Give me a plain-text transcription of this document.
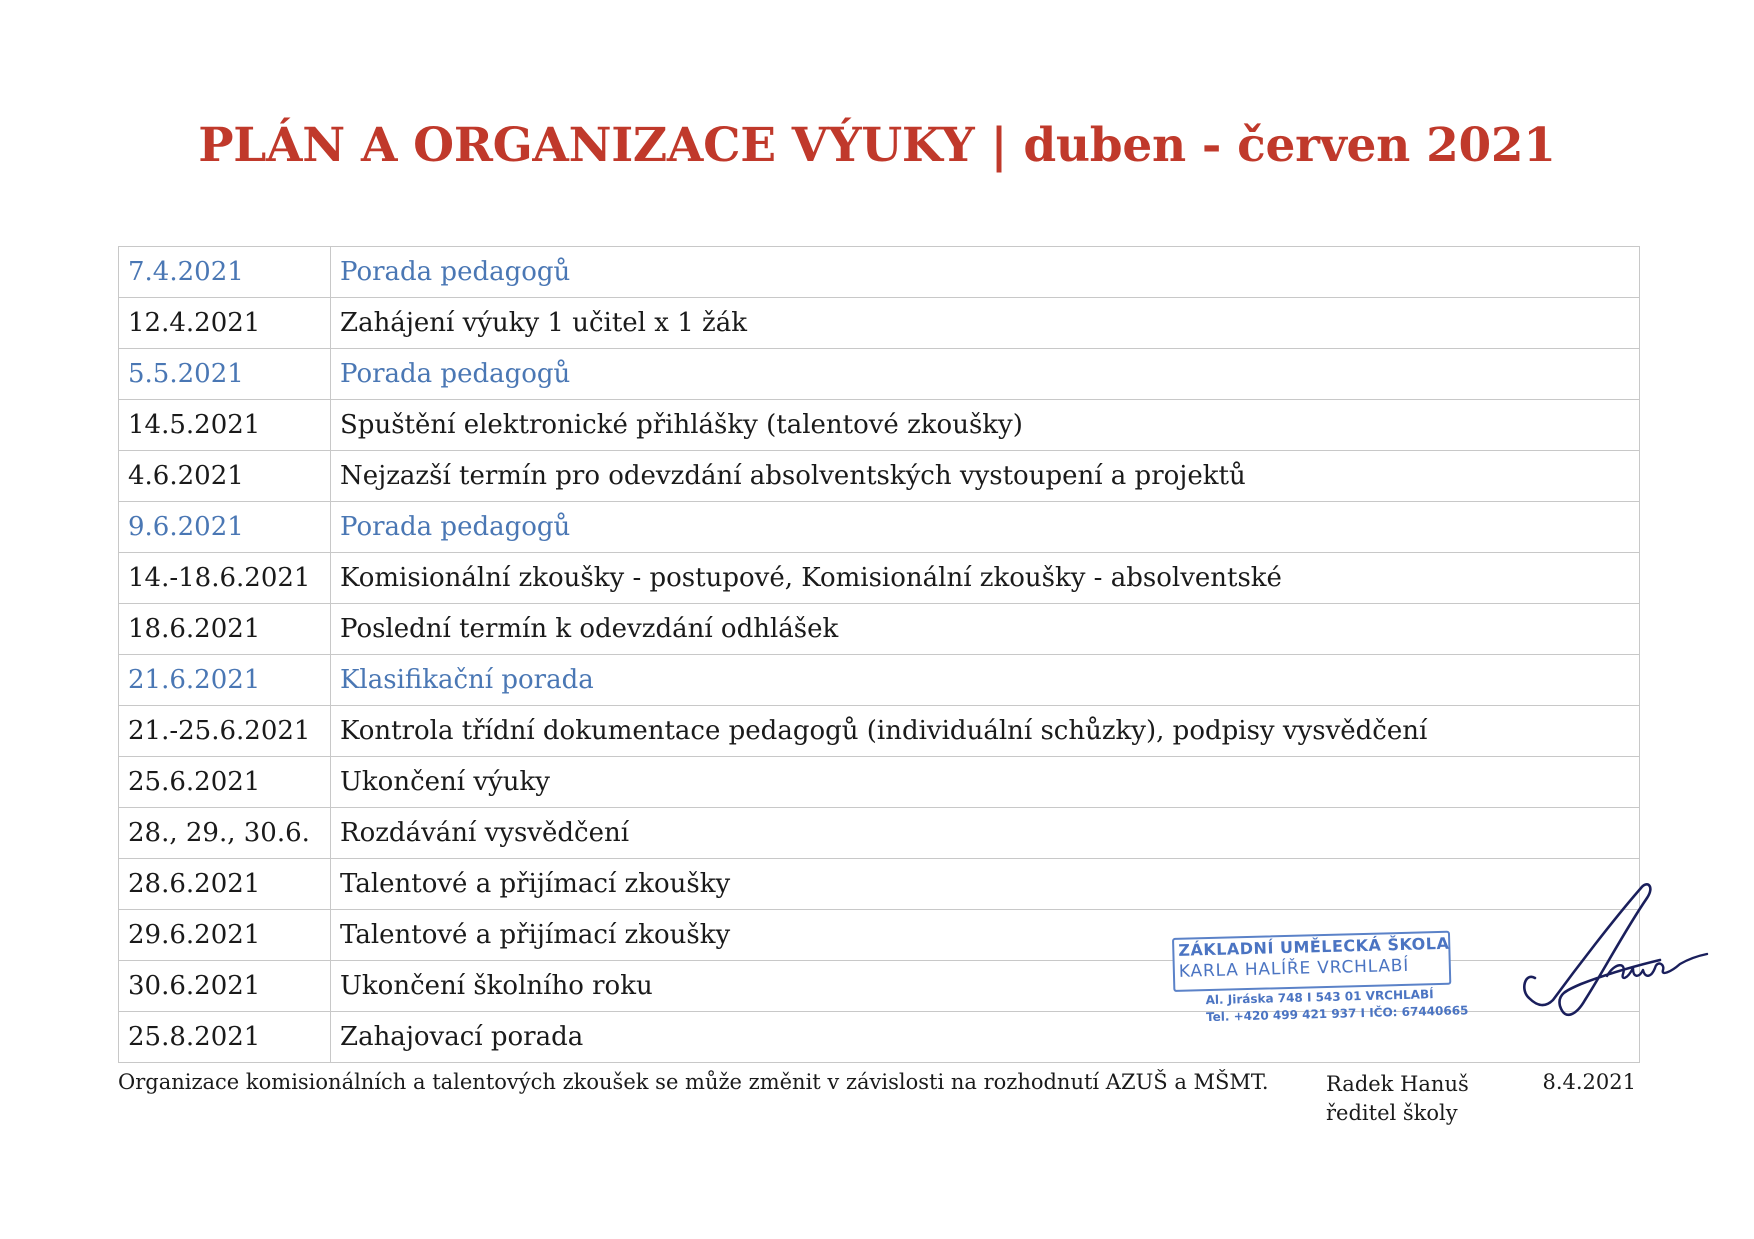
PLÁN A ORGANIZACE VÝUKY | duben - červen 2021
7.4.2021	Porada pedagogů
12.4.2021	Zahájení výuky 1 učitel x 1 žák
5.5.2021	Porada pedagogů
14.5.2021	Spuštění elektronické přihlášky (talentové zkoušky)
4.6.2021	Nejzazší termín pro odevzdání absolventských vystoupení a projektů
9.6.2021	Porada pedagogů
14.-18.6.2021	Komisionální zkoušky - postupové, Komisionální zkoušky - absolventské
18.6.2021	Poslední termín k odevzdání odhlášek
21.6.2021	Klasifikační porada
21.-25.6.2021	Kontrola třídní dokumentace pedagogů (individuální schůzky), podpisy vysvědčení
25.6.2021	Ukončení výuky
28., 29., 30.6.	Rozdávání vysvědčení
28.6.2021	Talentové a přijímací zkoušky
29.6.2021	Talentové a přijímací zkoušky
30.6.2021	Ukončení školního roku
25.8.2021	Zahajovací porada
Organizace komisionálních a talentových zkoušek se může změnit v závislosti na rozhodnutí AZUŠ a MŠMT.	Radek Hanuš
ředitel školy
8.4.2021
ZÁKLADNÍ UMĚLECKÁ ŠKOLA
KARLA HALÍŘE VRCHLABÍ
Al. Jiráska 748 I 543 01 VRCHLABÍ
Tel. +420 499 421 937 I IČO: 67440665
